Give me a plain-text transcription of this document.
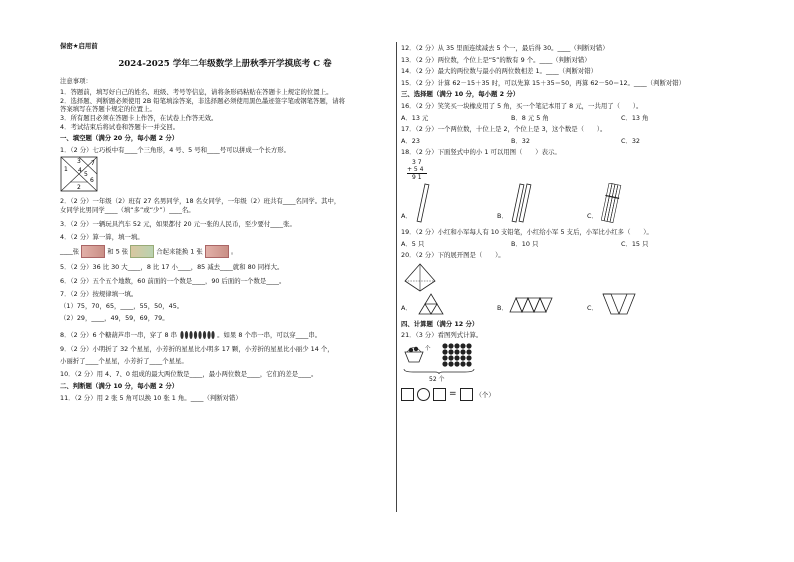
保密★启用前
2024-2025 学年二年级数学上册秋季开学摸底考 C 卷
注意事项：
1．答题前，填写好自己的姓名、班级、考号等信息，请将条形码粘贴在答题卡上规定的位置上。
2．选择题、判断题必须使用 2B 铅笔填涂答案，非选择题必须使用黑色墨迹签字笔或钢笔答题，请将
答案填写在答题卡规定的位置上。
3．所有题目必须在答题卡上作答，在试卷上作答无效。
4．考试结束后将试卷和答题卡一并交回。
一、填空题（满分 20 分，每小题 2 分）
1．（2 分）七巧板中有____个三角形，4 号、5 号和____号可以拼成一个长方形。
1
3
4
5
7
6
2
2．（2 分）一年级（2）班有 27 名男同学，18 名女同学，一年级（2）班共有____名同学。其中，
女同学比男同学____（填“多”或“少”）____名。
3．（2 分）一辆玩具汽车 52 元，如果都付 20 元一张的人民币，至少要付____张。
4．（2 分）算一算，填一填。
____张	和 5 张	合起来能换 1 张	。
5．（2 分）36 比 30 大____，8 比 17 小____，85 减去____就和 80 同样大。
6．（2 分）五个五个地数，60 前面的一个数是____，90 后面的一个数是____。
7．（2 分）按规律填一填。
（1）75，70，65，____，55，50，45。
（2）29，____，49，59，69，79。
8．（2 分）6 个糖葫芦串一串，穿了 8 串	。如果 8 个串一串，可以穿____串。
9．（2 分）小明折了 32 个星星，小芳折的星星比小明多 17 颗，小芳折的星星比小丽少 14 个，
小丽折了____个星星，小芳折了____个星星。
10．（2 分）用 4、7、0 组成的最大两位数是____，最小两位数是____，它们的差是____。
二、判断题（满分 10 分，每小题 2 分）
11．（2 分）用 2 张 5 角可以换 10 张 1 角。____（判断对错）
12．（2 分）从 35 里面连续减去 5 个一，最后得 30。____（判断对错）
13．（2 分）两位数，个位上是“5”的数有 9 个。____（判断对错）
14．（2 分）最大的两位数与最小的两位数相差 1。____（判断对错）
15．（2 分）计算 62－15＋35 时，可以先算 15＋35＝50，再算 62－50＝12。____（判断对错）
三、选择题（满分 10 分，每小题 2 分）
16．（2 分）笑笑买一块橡皮用了 5 角，买一个笔记本用了 8 元，一共用了（　　）。
A．13 元	B．8 元 5 角	C．13 角
17．（2 分）一个两位数，十位上是 2，个位上是 3，这个数是（　　）。
A．23	B．32	C．32
18．（2 分）下面竖式中的小 1 可以用图（　　）表示。
3 7
+ 5 4
9 1
A．	B．	C．
19．（2 分）小红和小军每人有 10 支铅笔，小红给小军 5 支后，小军比小红多（　　）。
A．5 只	B．10 只	C．15 只
20．（2 分）下的展开图是（　　）。
A．	B．	C．
四、计算题（满分 12 分）
21．（3 分）看图列式计算。
个
52 个
=	（个）
